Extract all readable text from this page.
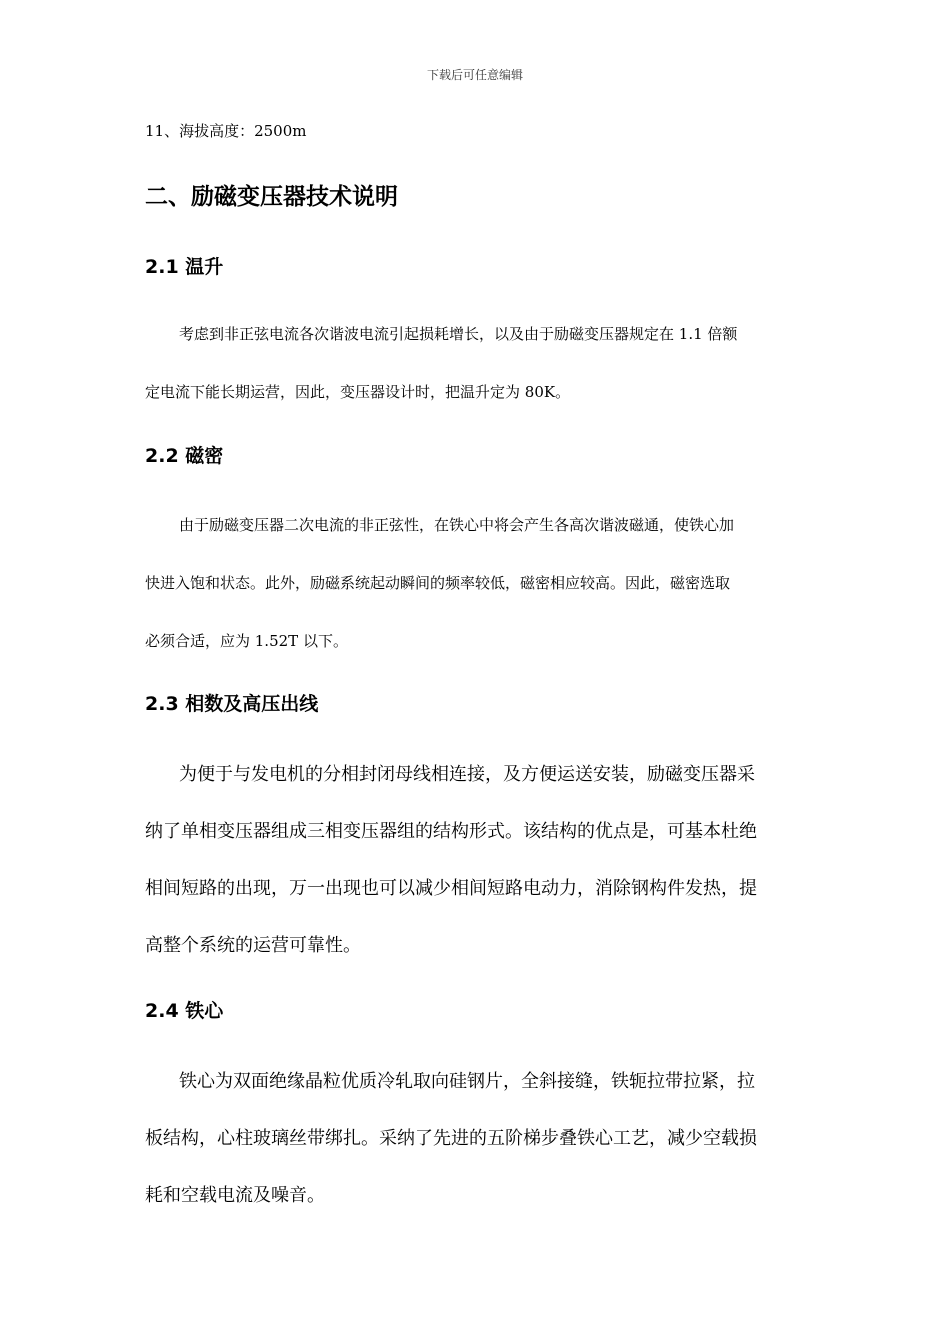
下载后可任意编辑
11、海拔高度：2500m
二、励磁变压器技术说明
2.1 温升
考虑到非正弦电流各次谐波电流引起损耗增长，以及由于励磁变压器规定在 1.1 倍额
定电流下能长期运营，因此，变压器设计时，把温升定为 80K。
2.2 磁密
由于励磁变压器二次电流的非正弦性，在铁心中将会产生各高次谐波磁通，使铁心加
快进入饱和状态。此外，励磁系统起动瞬间的频率较低，磁密相应较高。因此，磁密选取
必须合适，应为 1.52T 以下。
2.3 相数及高压出线
为便于与发电机的分相封闭母线相连接，及方便运送安装，励磁变压器采
纳了单相变压器组成三相变压器组的结构形式。该结构的优点是，可基本杜绝
相间短路的出现，万一出现也可以减少相间短路电动力，消除钢构件发热，提
高整个系统的运营可靠性。
2.4 铁心
铁心为双面绝缘晶粒优质冷轧取向硅钢片，全斜接缝，铁轭拉带拉紧，拉
板结构，心柱玻璃丝带绑扎。采纳了先进的五阶梯步叠铁心工艺，减少空载损
耗和空载电流及噪音。
